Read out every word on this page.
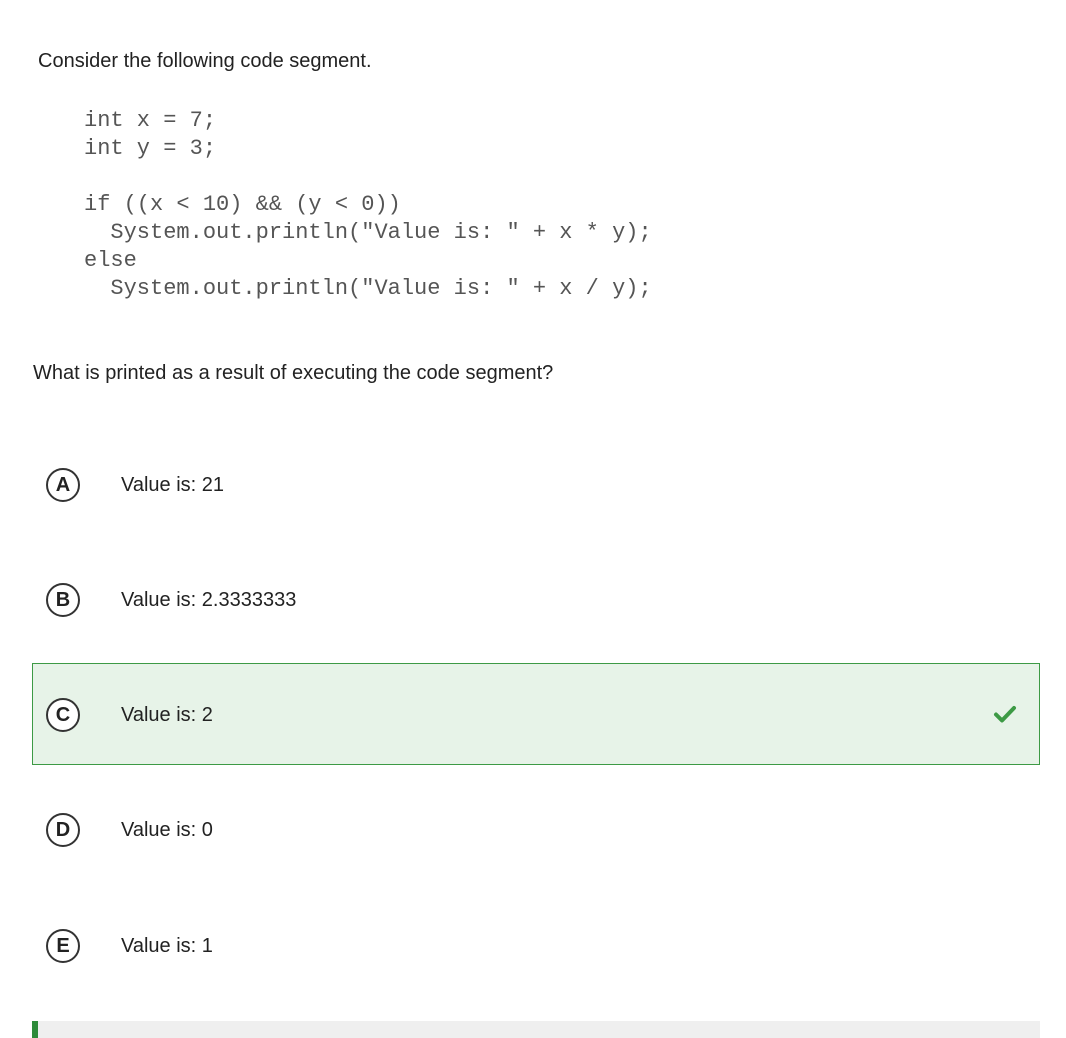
Consider the following code segment.
int x = 7;
int y = 3;

if ((x < 10) && (y < 0))
System.out.println("Value is: " + x * y);
else
System.out.println("Value is: " + x / y);
What is printed as a result of executing the code segment?
A	Value is: 21
B	Value is: 2.3333333
C	Value is: 2
D	Value is: 0
E	Value is: 1
